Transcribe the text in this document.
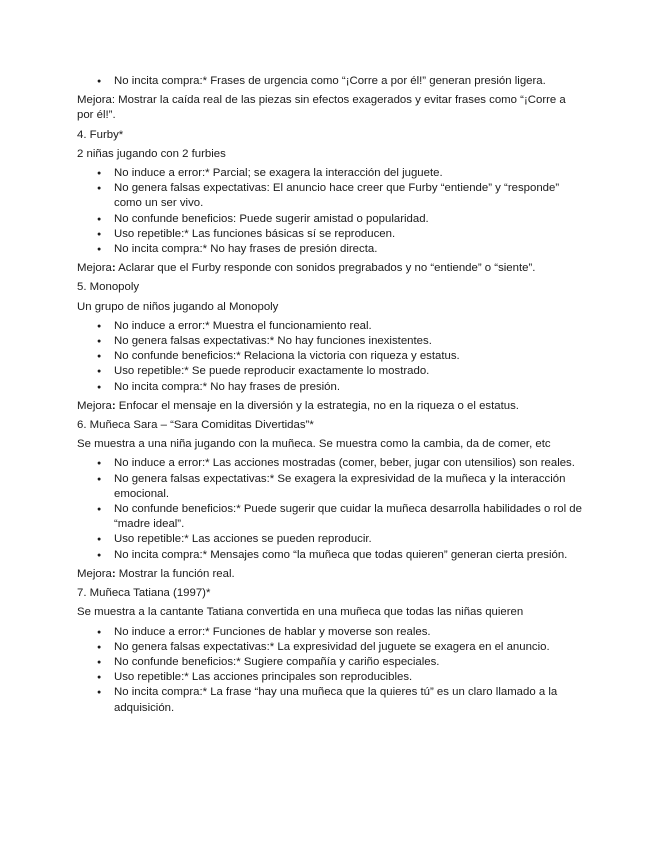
● No incita compra:* Frases de urgencia como “¡Corre a por él!” generan presión ligera.

Mejora: Mostrar la caída real de las piezas sin efectos exagerados y evitar frases como “¡Corre a por él!”.

4. Furby*

2 niñas jugando con 2 furbies

● No induce a error:* Parcial; se exagera la interacción del juguete.
● No genera falsas expectativas: El anuncio hace creer que Furby “entiende” y “responde” como un ser vivo.
● No confunde beneficios: Puede sugerir amistad o popularidad.
● Uso repetible:* Las funciones básicas sí se reproducen.
● No incita compra:* No hay frases de presión directa.

Mejora: Aclarar que el Furby responde con sonidos pregrabados y no “entiende” o “siente”.

5. Monopoly

Un grupo de niños jugando al Monopoly

● No induce a error:* Muestra el funcionamiento real.
● No genera falsas expectativas:* No hay funciones inexistentes.
● No confunde beneficios:* Relaciona la victoria con riqueza y estatus.
● Uso repetible:* Se puede reproducir exactamente lo mostrado.
● No incita compra:* No hay frases de presión.

Mejora: Enfocar el mensaje en la diversión y la estrategia, no en la riqueza o el estatus.

6. Muñeca Sara – “Sara Comiditas Divertidas”*

Se muestra a una niña jugando con la muñeca. Se muestra como la cambia, da de comer, etc

● No induce a error:* Las acciones mostradas (comer, beber, jugar con utensilios) son reales.
● No genera falsas expectativas:* Se exagera la expresividad de la muñeca y la interacción emocional.
● No confunde beneficios:* Puede sugerir que cuidar la muñeca desarrolla habilidades o rol de “madre ideal”.
● Uso repetible:* Las acciones se pueden reproducir.
● No incita compra:* Mensajes como “la muñeca que todas quieren” generan cierta presión.

Mejora: Mostrar la función real.

7. Muñeca Tatiana (1997)*

Se muestra a la cantante Tatiana convertida en una muñeca que todas las niñas quieren

● No induce a error:* Funciones de hablar y moverse son reales.
● No genera falsas expectativas:* La expresividad del juguete se exagera en el anuncio.
● No confunde beneficios:* Sugiere compañía y cariño especiales.
● Uso repetible:* Las acciones principales son reproducibles.
● No incita compra:* La frase “hay una muñeca que la quieres tú” es un claro llamado a la adquisición.
